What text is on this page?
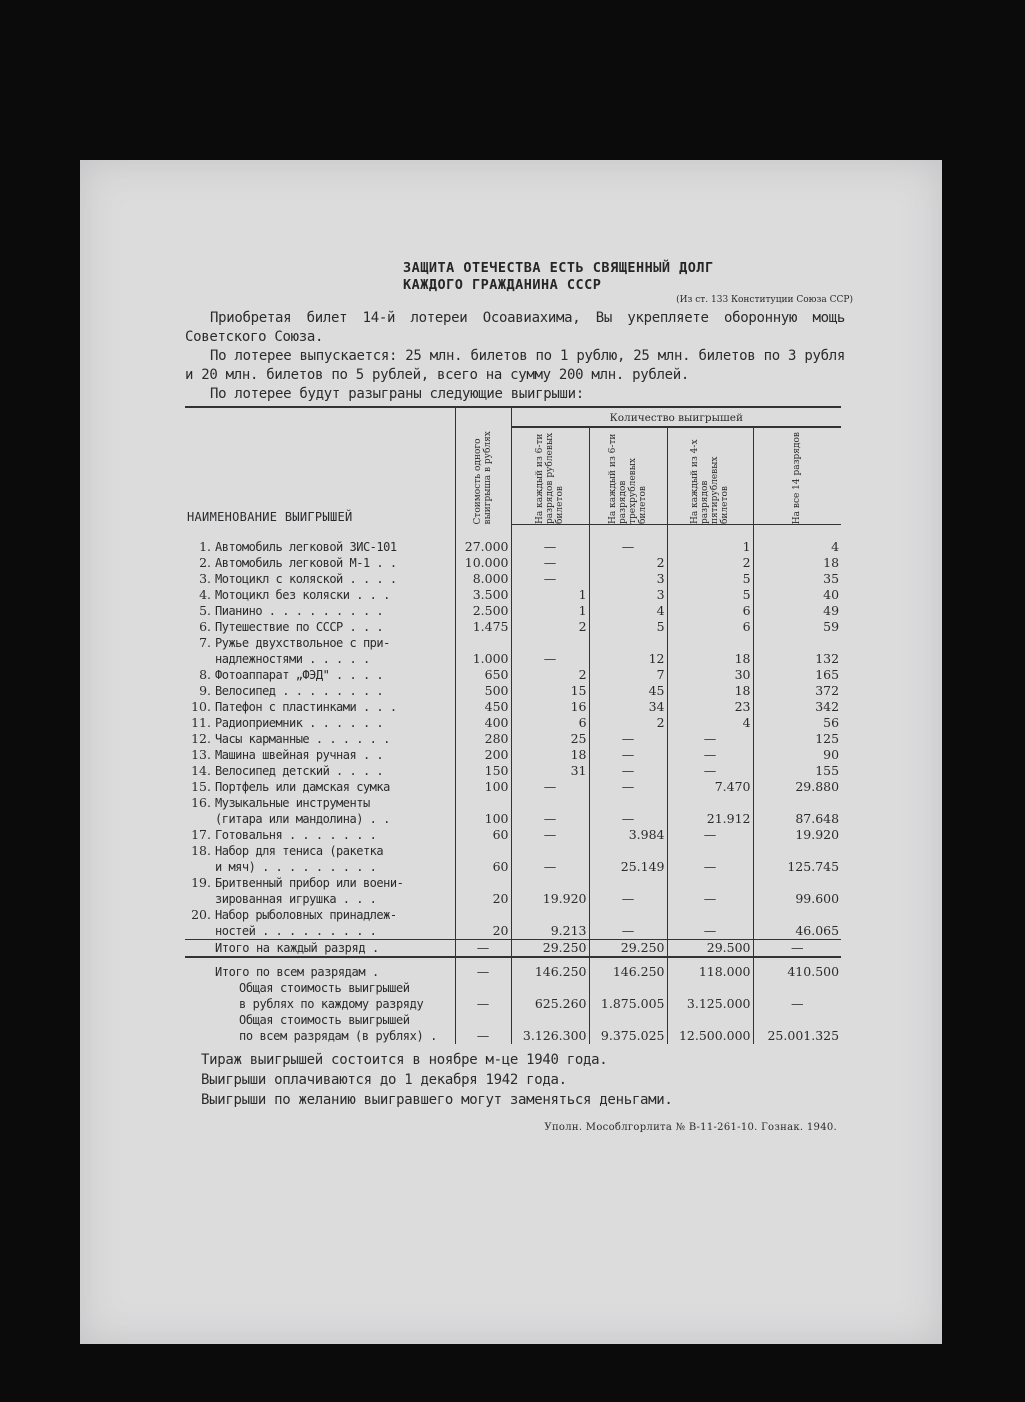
ЗАЩИТА ОТЕЧЕСТВА ЕСТЬ СВЯЩЕННЫЙ ДОЛГ
КАЖДОГО ГРАЖДАНИНА СССР
(Из ст. 133 Конституции Союза ССР)

Приобретая билет 14-й лотереи Осоавиахима, Вы укрепляете оборонную мощь Советского Союза.

По лотерее выпускается: 25 млн. билетов по 1 рублю, 25 млн. билетов по 3 рубля и 20 млн. билетов по 5 рублей, всего на сумму 200 млн. рублей.

По лотерее будут разыграны следующие выигрыши:

НАИМЕНОВАНИЕ ВЫИГРЫШЕЙ		Стоимость одного выигрыша в рублях	Количество выигрышей			

			На каждый из 6-ти разрядов рублевых билетов	На каждый из 6-ти разрядов трехрублевых билетов	На каждый из 4-х разрядов пятирублевых билетов	На все 14 разрядов

1.	Автомобиль легковой ЗИС-101	27.000	—	—	1	4
2.	Автомобиль легковой М-1 . .	10.000	—	2	2	18
3.	Мотоцикл с коляской . . . .	8.000	—	3	5	35
4.	Мотоцикл без коляски . . .	3.500	1	3	5	40
5.	Пианино . . . . . . . . .	2.500	1	4	6	49
6.	Путешествие по СССР . . .	1.475	2	5	6	59
7.	Ружье двухствольное с при-					
	надлежностями . . . . .	1.000	—	12	18	132
8.	Фотоаппарат „ФЭД" . . . .	650	2	7	30	165
9.	Велосипед . . . . . . . .	500	15	45	18	372
10.	Патефон с пластинками . . .	450	16	34	23	342
11.	Радиоприемник . . . . . .	400	6	2	4	56
12.	Часы карманные . . . . . .	280	25	—	—	125
13.	Машина швейная ручная . .	200	18	—	—	90
14.	Велосипед детский . . . .	150	31	—	—	155
15.	Портфель или дамская сумка	100	—	—	7.470	29.880
16.	Музыкальные инструменты					
	(гитара или мандолина) . .	100	—	—	21.912	87.648
17.	Готовальня . . . . . . .	60	—	3.984	—	19.920
18.	Набор для тениса (ракетка					
	и мяч) . . . . . . . . .	60	—	25.149	—	125.745
19.	Бритвенный прибор или воени-					
	зированная игрушка . . .	20	19.920	—	—	99.600
20.	Набор рыболовных принадлеж-					
	ностей . . . . . . . . .	20	9.213	—	—	46.065
	Итого на каждый разряд .	—	29.250	29.250	29.500	—
	Итого по всем разрядам .	—	146.250	146.250	118.000	410.500

	Общая стоимость выигрышей
в рублях по каждому разряду	—	625.260	1.875.005	3.125.000	—

	Общая стоимость выигрышей
по всем разрядам (в рублях) .	—	3.126.300	9.375.025	12.500.000	25.001.325

Тираж выигрышей состоится в ноябре м-це 1940 года.

Выигрыши оплачиваются до 1 декабря 1942 года.

Выигрыши по желанию выигравшего могут заменяться деньгами.

Уполн. Мособлгорлита № В-11-261-10. Гознак. 1940.
